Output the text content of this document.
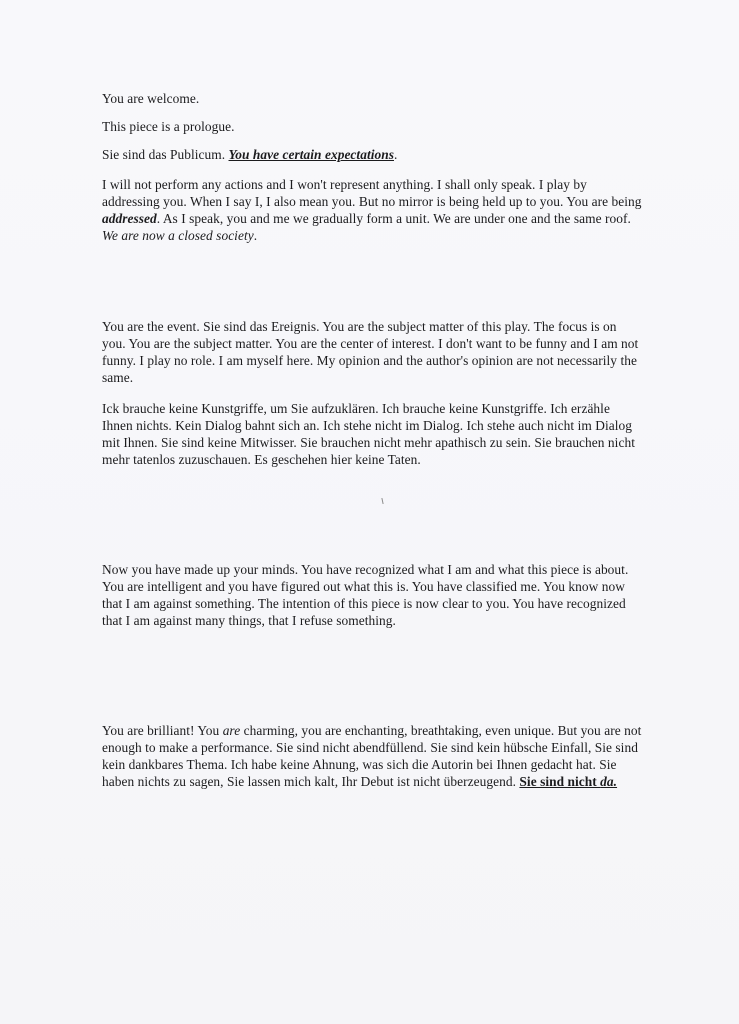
You are welcome.

This piece is a prologue.

Sie sind das Publicum. You have certain expectations.

I will not perform any actions and I won't represent anything. I shall only speak. I play by addressing you. When I say I, I also mean you. But no mirror is being held up to you. You are being addressed. As I speak, you and me we gradually form a unit. We are under one and the same roof. We are now a closed society.

You are the event. Sie sind das Ereignis. You are the subject matter of this play. The focus is on you. You are the subject matter. You are the center of interest. I don't want to be funny and I am not funny. I play no role. I am myself here. My opinion and the author's opinion are not necessarily the same.

Ick brauche keine Kunstgriffe, um Sie aufzuklären. Ich brauche keine Kunstgriffe. Ich erzähle Ihnen nichts. Kein Dialog bahnt sich an. Ich stehe nicht im Dialog. Ich stehe auch nicht im Dialog mit Ihnen. Sie sind keine Mitwisser. Sie brauchen nicht mehr apathisch zu sein. Sie brauchen nicht mehr tatenlos zuzuschauen. Es geschehen hier keine Taten.

Now you have made up your minds. You have recognized what I am and what this piece is about. You are intelligent and you have figured out what this is. You have classified me. You know now that I am against something. The intention of this piece is now clear to you. You have recognized that I am against many things, that I refuse something.

You are brilliant! You are charming, you are enchanting, breathtaking, even unique. But you are not enough to make a performance. Sie sind nicht abendfüllend. Sie sind kein hübsche Einfall, Sie sind kein dankbares Thema. Ich habe keine Ahnung, was sich die Autorin bei Ihnen gedacht hat. Sie haben nichts zu sagen, Sie lassen mich kalt, Ihr Debut ist nicht überzeugend. Sie sind nicht da.
